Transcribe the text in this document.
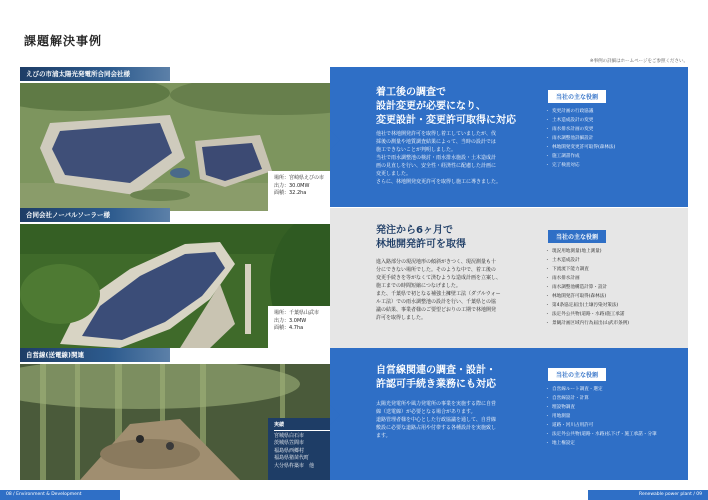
課題解決事例
※事例の詳細はホームページをご参照ください。
えびの市浦太陽光発電所合同会社様
場所：宮崎県えびの市
出力：30.0MW
面積：32.2ha
着工後の調査で
設計変更が必要になり、
変更設計・変更許可取得に対応
他社で林地開発許可を取得し着工していましたが、伐
採後の測量や地質調査結果によって、当時の設計では
施工できないことが判明しました。
当社で雨水調整池の検討・雨水排水施設・土木造成計
画の見直しを行い、安全性・経済性に配慮した計画に
変更しました。
さらに、林地開発変更許可を取得し施工に導きました。
当社の主な役割
・ 変更計画の行政協議
・ 土木造成設計の変更
・ 雨水排水計画の変更
・ 雨水調整池詳細設計
・ 林地開発変更許可取得(森林法)
・ 施工調書作成
・ 完了検査対応
合同会社ノーバルソーラー様
場所：千葉県山武市
出力：3.0MW
面積：4.7ha
発注から6ヶ月で
林地開発許可を取得
進入路部分の現況地形の傾斜がきつく、現況測量も十
分にできない場所でした。そのような中で、着工後の
変更手続きを等がなくて済むような造成計画を立案し、
施工までの時間短縮につなげました。
また、千葉県で初となる補強土擁壁工法（ダブルウォー
ル工法）での雨水調整池の設計を行い、千葉県との協
議の結果、事業者様のご要望どおりの工期で林地開発
許可を取得しました。
当社の主な役割
・ 現況用地測量(地上測量)
・ 土木造成設計
・ 下流流下能力調査
・ 雨水排水計画
・ 雨水調整池構造計算・設計
・ 林地開発許可取得(森林法)
・ 第4条協定届出(土壌汚染対策法)
・ 法定外公共物(道路・水路)施工承諾
・ 景観計画区域内行為届出(山武市条例)
自営線(送電線)関連
実績
宮城県白石市
茨城県笠間市
福島県西郷村
福島県猪苗代町
大分県杵築市　他
自営線関連の調査・設計・
許認可手続き業務にも対応
太陽光発電所や風力発電所の事業を実施する際に自営
線（送電線）が必要となる場合があります。
道路管理者様を中心とした行政協議を通して、自営線
敷設に必要な道路占用や付帯する各種設計を実施致し
ます。
当社の主な役割
・ 自営線ルート調査・選定
・ 自営線設計・計算
・ 埋設物調査
・ 用地測量
・ 道路・河川占用許可
・ 法定外公共物(道路・水路)払下げ・施工承諾・分筆
・ 地上権設定
08 / Environment & Development	Renewable power plant / 09
